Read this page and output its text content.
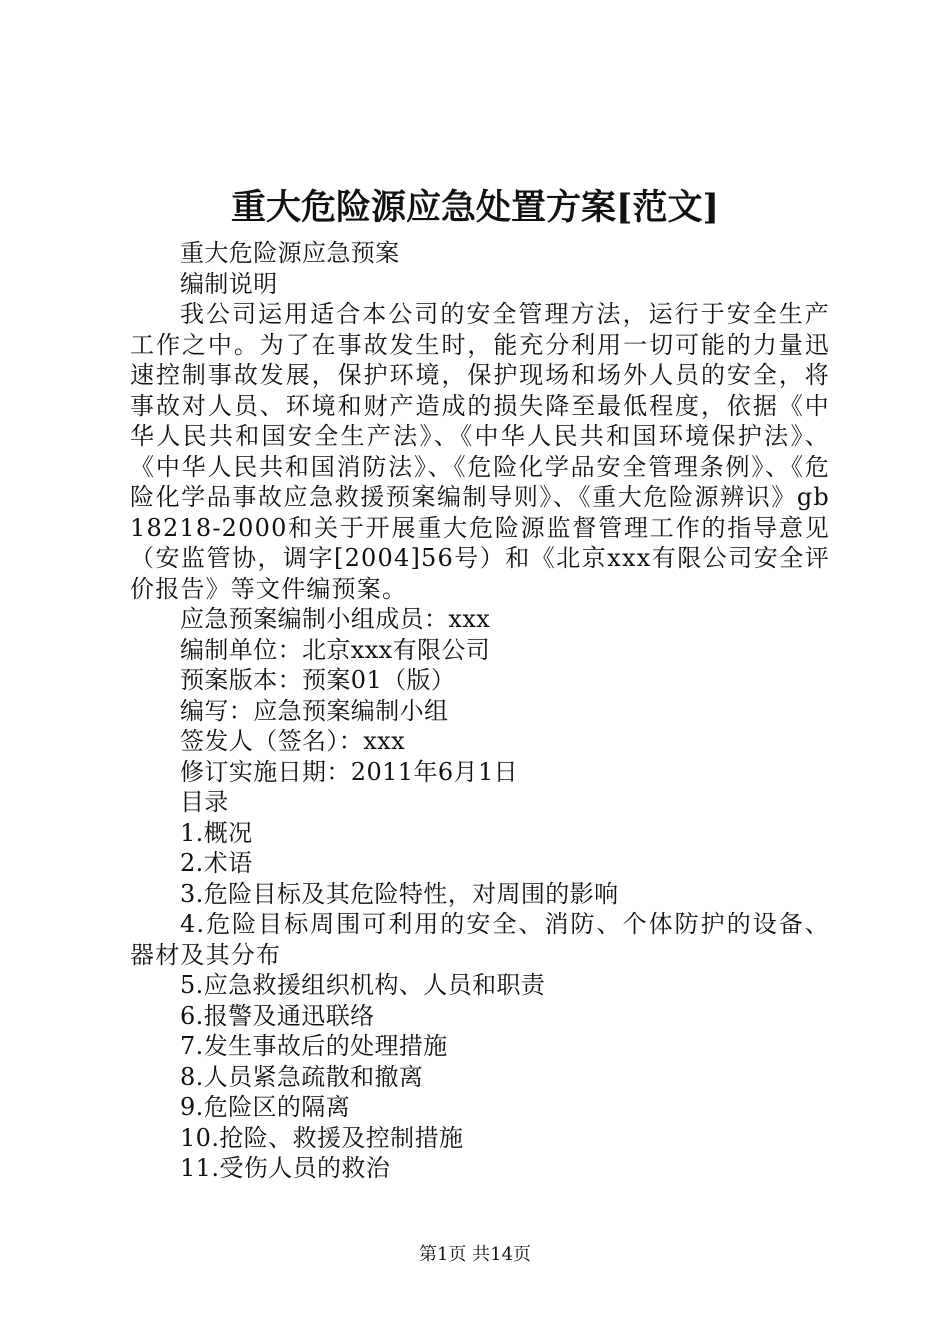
重大危险源应急处置方案[范文]

重大危险源应急预案

编制说明

我公司运用适合本公司的安全管理方法，运行于安全生产工作之中。为了在事故发生时，能充分利用一切可能的力量迅速控制事故发展，保护环境，保护现场和场外人员的安全，将事故对人员、环境和财产造成的损失降至最低程度，依据《中华人民共和国安全生产法》、《中华人民共和国环境保护法》、《中华人民共和国消防法》、《危险化学品安全管理条例》、《危险化学品事故应急救援预案编制导则》、《重大危险源辨识》gb18218-2000和关于开展重大危险源监督管理工作的指导意见（安监管协，调字[2004]56号）和《北京xxx有限公司安全评价报告》等文件编预案。

应急预案编制小组成员：xxx

编制单位：北京xxx有限公司

预案版本：预案01（版）

编写：应急预案编制小组

签发人（签名）：xxx

修订实施日期：2011年6月1日

目录

1.概况

2.术语

3.危险目标及其危险特性，对周围的影响

4.危险目标周围可利用的安全、消防、个体防护的设备、器材及其分布

5.应急救援组织机构、人员和职责

6.报警及通迅联络

7.发生事故后的处理措施

8.人员紧急疏散和撤离

9.危险区的隔离

10.抢险、救援及控制措施

11.受伤人员的救治

第1页 共14页
